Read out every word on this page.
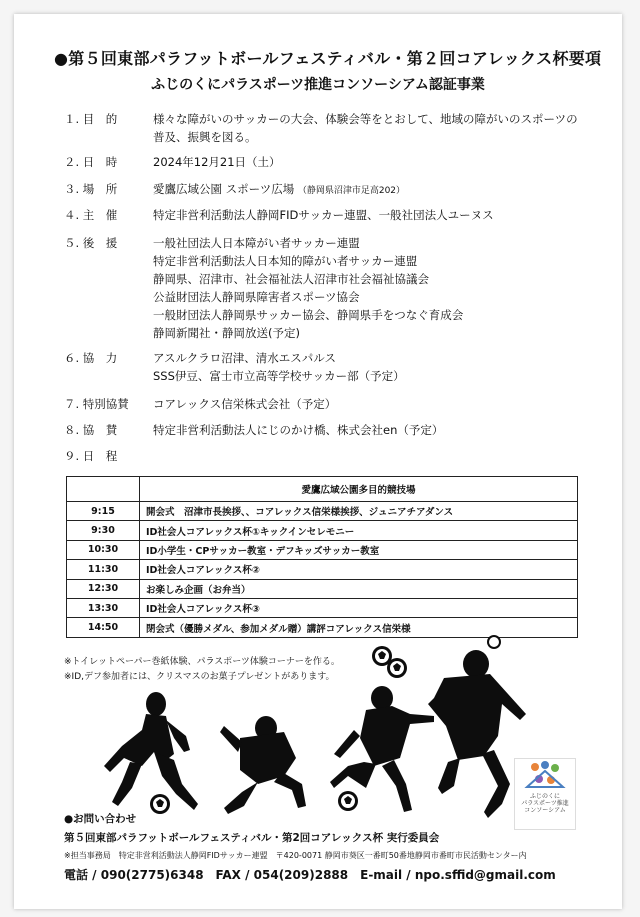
●第５回東部パラフットボールフェスティバル・第２回コアレックス杯要項
ふじのくにパラスポーツ推進コンソーシアム認証事業
１. 目　的	様々な障がいのサッカーの大会、体験会等をとおして、地域の障がいのスポーツの
普及、振興を図る。
２. 日　時	2024年12月21日（土）
３. 場　所	愛鷹広域公園 スポーツ広場 （静岡県沼津市足高202）
４. 主　催	特定非営利活動法人静岡FIDサッカー連盟、一般社団法人ユーヌス
５. 後　援	一般社団法人日本障がい者サッカー連盟
特定非営利活動法人日本知的障がい者サッカー連盟
静岡県、沼津市、社会福祉法人沼津市社会福祉協議会
公益財団法人静岡県障害者スポーツ協会
一般財団法人静岡県サッカー協会、静岡県手をつなぐ育成会
静岡新聞社・静岡放送(予定)
６. 協　力	アスルクラロ沼津、清水エスパルス
SSS伊豆、富士市立高等学校サッカー部（予定）
７. 特別協賛	コアレックス信栄株式会社（予定）
８. 協　賛	特定非営利活動法人にじのかけ橋、株式会社en（予定）
９. 日　程
	愛鷹広域公園多目的競技場
9:15	開会式　沼津市長挨拶、、コアレックス信栄様挨拶、ジュニアチアダンス
9:30	ID社会人コアレックス杯①キックインセレモニー
10:30	ID小学生・CPサッカー教室・デフキッズサッカー教室
11:30	ID社会人コアレックス杯②
12:30	お楽しみ企画（お弁当）
13:30	ID社会人コアレックス杯③
14:50	閉会式（優勝メダル、参加メダル贈）講評コアレックス信栄様
※トイレットペーパー巻紙体験、パラスポーツ体験コーナーを作る。
※ID,デフ参加者には、クリスマスのお菓子プレゼントがあります。
ふじのくに
パラスポーツ推進
コンソーシアム
●お問い合わせ
第５回東部パラフットボールフェスティバル・第2回コアレックス杯 実行委員会
※担当事務局　特定非営利活動法人静岡FIDサッカー連盟　〒420-0071 静岡市葵区一番町50番地静岡市番町市民活動センター内
電話 / 090(2775)6348　FAX / 054(209)2888　E-mail / npo.sffid@gmail.com
